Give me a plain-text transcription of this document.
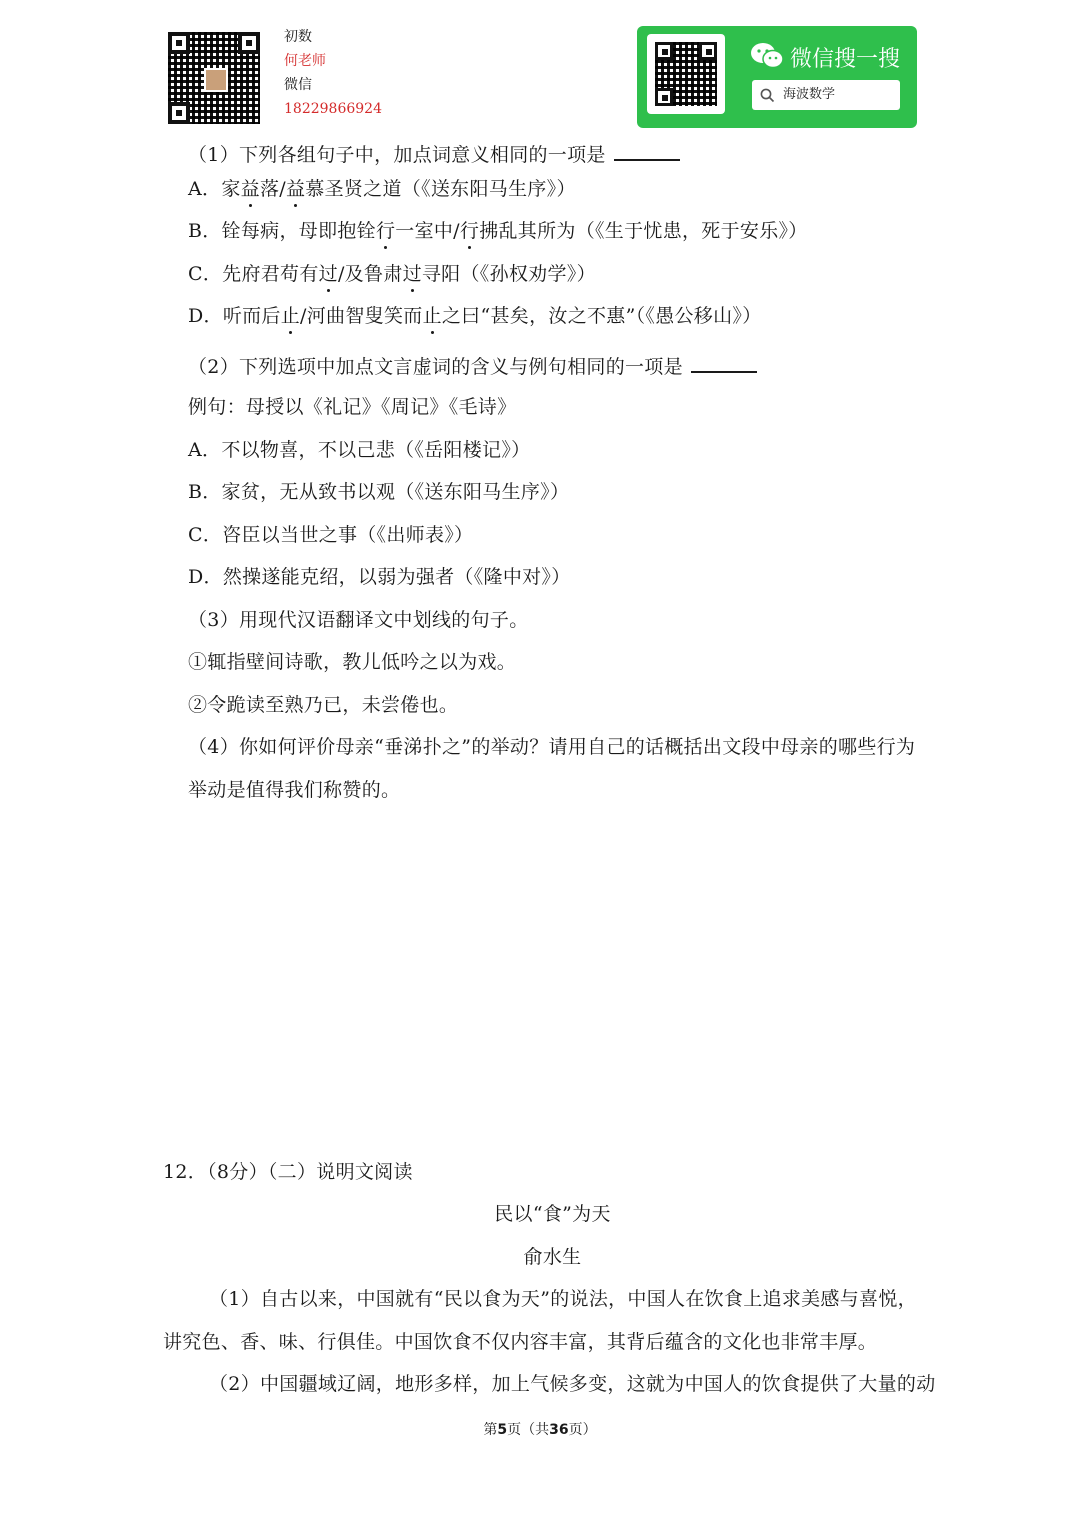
初数
何老师
微信
18229866924
微信搜一搜
海波数学
（1）下列各组句子中，加点词意义相同的一项是
A．家益落/益慕圣贤之道（《送东阳马生序》）
B．铨每病，母即抱铨行一室中/行拂乱其所为（《生于忧患，死于安乐》）
C．先府君苟有过/及鲁肃过寻阳（《孙权劝学》）
D．听而后止/河曲智叟笑而止之曰“甚矣，汝之不惠”（《愚公移山》）
（2）下列选项中加点文言虚词的含义与例句相同的一项是
例句：母授以《礼记》《周记》《毛诗》
A．不以物喜，不以己悲（《岳阳楼记》）
B．家贫，无从致书以观（《送东阳马生序》）
C．咨臣以当世之事（《出师表》）
D．然操遂能克绍，以弱为强者（《隆中对》）
（3）用现代汉语翻译文中划线的句子。
①辄指壁间诗歌，教儿低吟之以为戏。
②令跪读至熟乃已，未尝倦也。
（4）你如何评价母亲“垂涕扑之”的举动？请用自己的话概括出文段中母亲的哪些行为
举动是值得我们称赞的。
12．（8分）（二）说明文阅读
民以“食”为天
俞水生
（1）自古以来，中国就有“民以食为天”的说法，中国人在饮食上追求美感与喜悦，
讲究色、香、味、行俱佳。中国饮食不仅内容丰富，其背后蕴含的文化也非常丰厚。
（2）中国疆域辽阔，地形多样，加上气候多变，这就为中国人的饮食提供了大量的动
第5页（共36页）
